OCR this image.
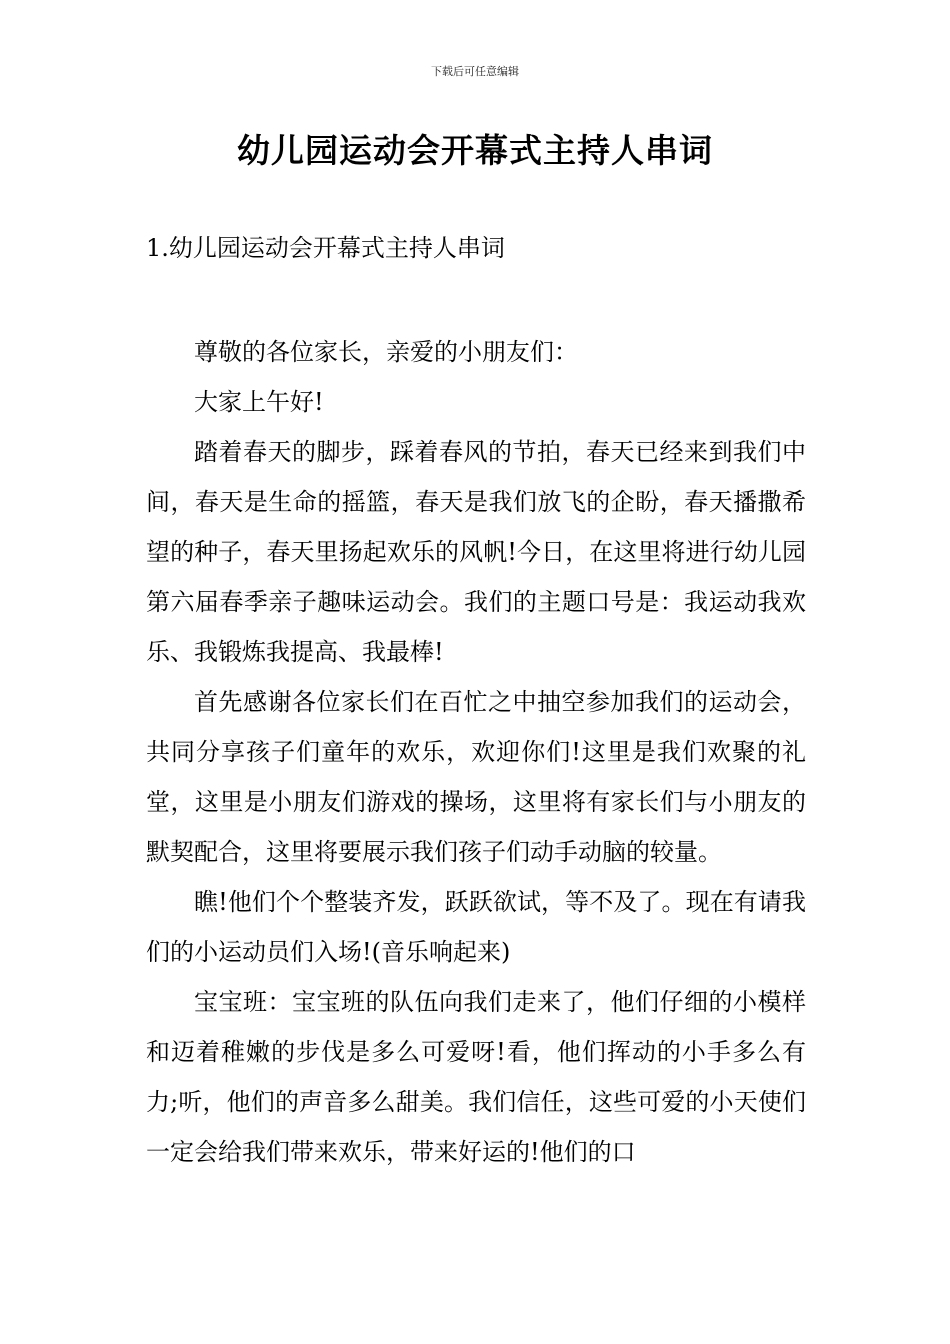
下载后可任意编辑
幼儿园运动会开幕式主持人串词
1.幼儿园运动会开幕式主持人串词

尊敬的各位家长，亲爱的小朋友们：

大家上午好!

踏着春天的脚步，踩着春风的节拍，春天已经来到我们中间，春天是生命的摇篮，春天是我们放飞的企盼，春天播撒希望的种子，春天里扬起欢乐的风帆!今日，在这里将进行幼儿园第六届春季亲子趣味运动会。我们的主题口号是：我运动我欢乐、我锻炼我提高、我最棒!

首先感谢各位家长们在百忙之中抽空参加我们的运动会，共同分享孩子们童年的欢乐，欢迎你们!这里是我们欢聚的礼堂，这里是小朋友们游戏的操场，这里将有家长们与小朋友的默契配合，这里将要展示我们孩子们动手动脑的较量。

瞧!他们个个整装齐发，跃跃欲试，等不及了。现在有请我们的小运动员们入场!(音乐响起来)

宝宝班：宝宝班的队伍向我们走来了，他们仔细的小模样和迈着稚嫩的步伐是多么可爱呀!看，他们挥动的小手多么有力;听，他们的声音多么甜美。我们信任，这些可爱的小天使们一定会给我们带来欢乐，带来好运的!他们的口
